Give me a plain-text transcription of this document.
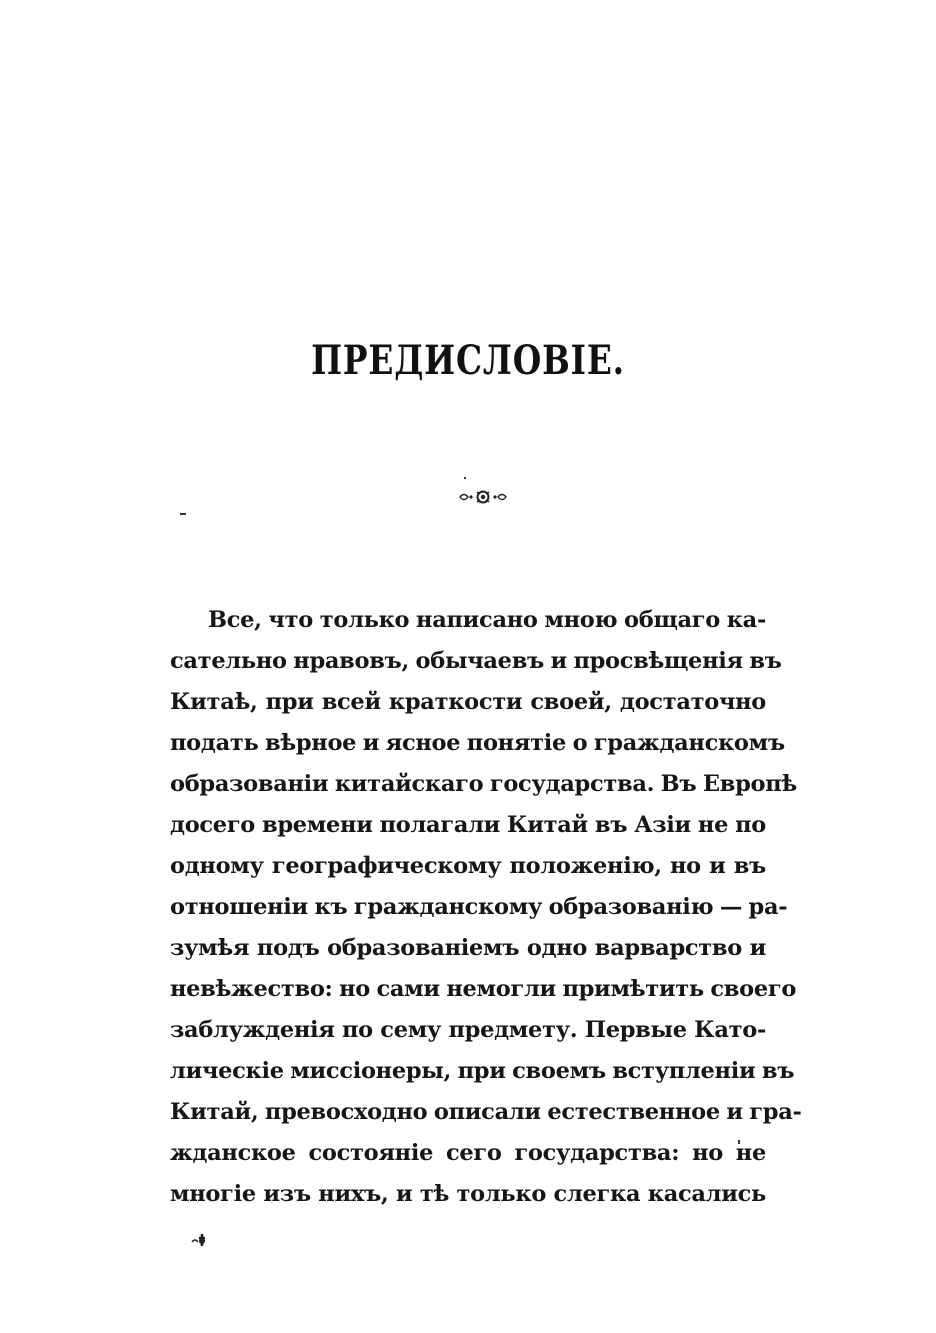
ПРЕДИСЛОВІЕ.
Все, что только написано мною общаго ка-
сательно нравовъ, обычаевъ и просвѣщенія въ
Китаѣ, при всей краткости своей, достаточно
подать вѣрное и ясное понятіе о гражданскомъ
образованіи китайскаго государства. Въ Европѣ
досего времени полагали Китай въ Азіи не по
одному географическому положенію, но и въ
отношеніи къ гражданскому образованію — ра-
зумѣя подъ образованіемъ одно варварство и
невѣжество: но сами немогли примѣтить своего
заблужденія по сему предмету. Первые Като-
лическіе миссіонеры, при своемъ вступленіи въ
Китай, превосходно описали естественное и гра-
жданское состояніе сего государства: но не
многіе изъ нихъ, и тѣ только слегка касались
